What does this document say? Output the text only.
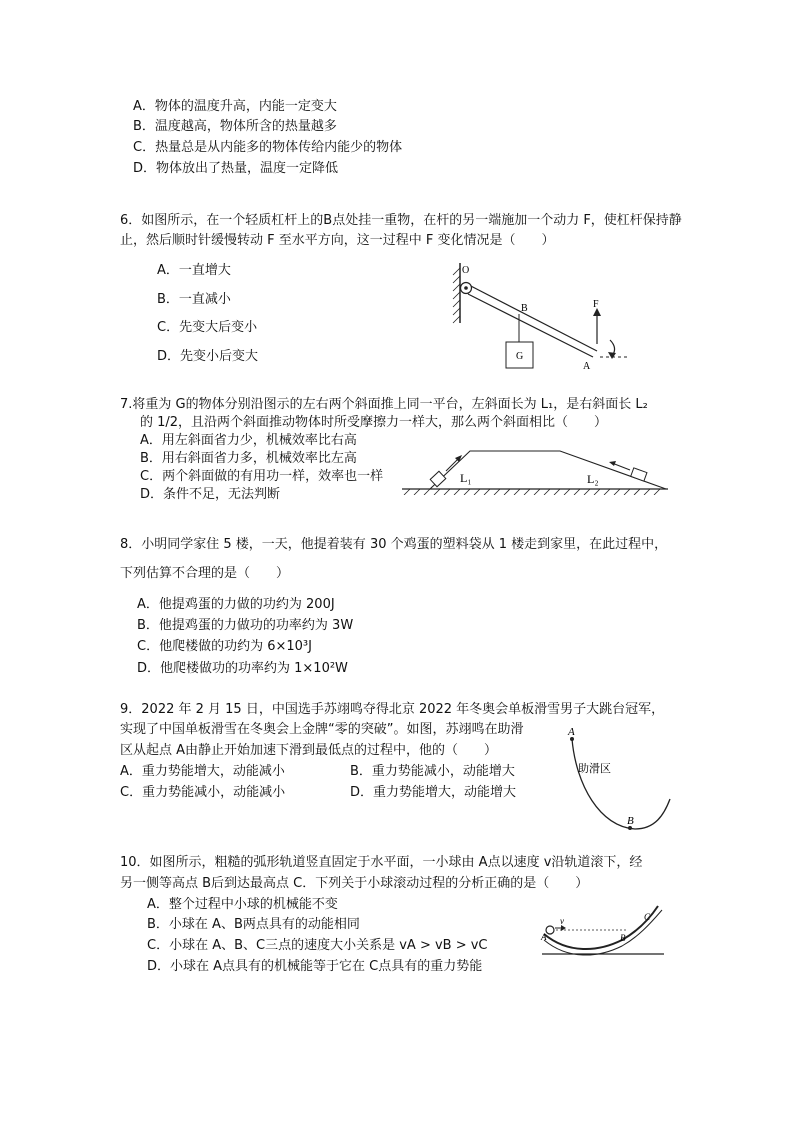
A．物体的温度升高，内能一定变大
B．温度越高，物体所含的热量越多
C．热量总是从内能多的物体传给内能少的物体
D．物体放出了热量，温度一定降低
6．如图所示，在一个轻质杠杆上的B点处挂一重物，在杆的另一端施加一个动力 F，使杠杆保持静
止，然后顺时针缓慢转动 F 至水平方向，这一过程中 F 变化情况是（　　）
A．一直增大
B．一直减小
C．先变大后变小
D．先变小后变大
O
B	F
G
A
7.将重为 G的物体分别沿图示的左右两个斜面推上同一平台，左斜面长为 L₁，是右斜面长 L₂
的 1/2，且沿两个斜面推动物体时所受摩擦力一样大，那么两个斜面相比（　　）
A．用左斜面省力少，机械效率比右高
B．用右斜面省力多，机械效率比左高
C．两个斜面做的有用功一样，效率也一样
D．条件不足，无法判断
L₁	L₂
8．小明同学家住 5 楼，一天，他提着装有 30 个鸡蛋的塑料袋从 1 楼走到家里，在此过程中，
下列估算不合理的是（　　）
A．他提鸡蛋的力做的功约为 200J
B．他提鸡蛋的力做功的功率约为 3W
C．他爬楼做的功约为 6×10³J
D．他爬楼做功的功率约为 1×10²W
9．2022 年 2 月 15 日，中国选手苏翊鸣夺得北京 2022 年冬奥会单板滑雪男子大跳台冠军，
实现了中国单板滑雪在冬奥会上金牌“零的突破”。如图，苏翊鸣在助滑
区从起点 A由静止开始加速下滑到最低点的过程中，他的（　　）
A．重力势能增大，动能减小	B．重力势能减小，动能增大
C．重力势能减小，动能减小	D．重力势能增大，动能增大
A
助滑区
B
10．如图所示，粗糙的弧形轨道竖直固定于水平面，一小球由 A点以速度 v沿轨道滚下，经
另一侧等高点 B后到达最高点 C．下列关于小球滚动过程的分析正确的是（　　）
A．整个过程中小球的机械能不变
B．小球在 A、B两点具有的动能相同
C．小球在 A、B、C三点的速度大小关系是 vA > vB > vC
D．小球在 A点具有的机械能等于它在 C点具有的重力势能
v
A	B
C
